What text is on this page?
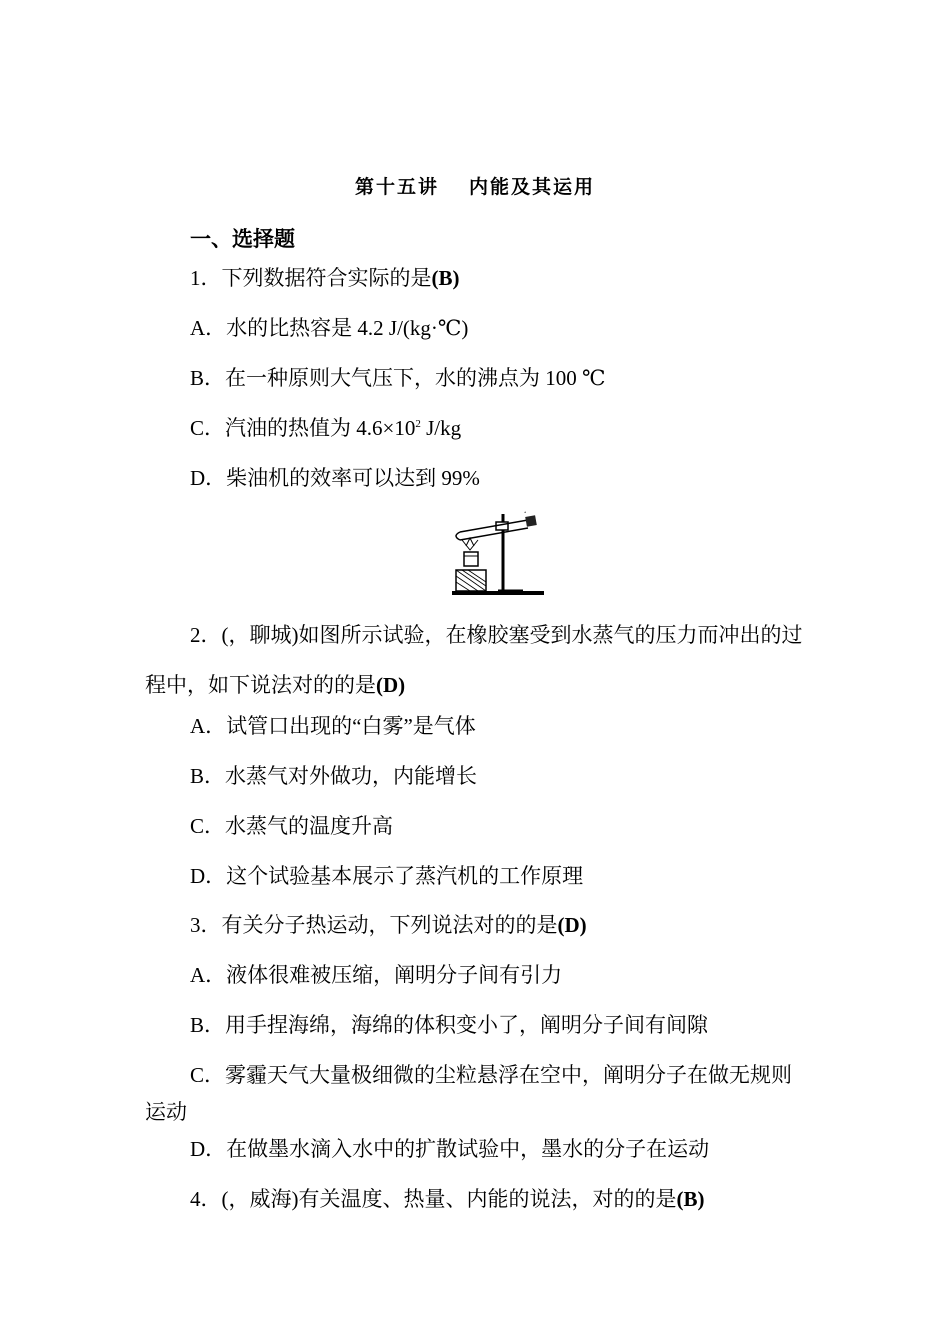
第十五讲 内能及其运用
一、选择题
1．下列数据符合实际的是(B)
A．水的比热容是 4.2 J/(kg·℃)
B．在一种原则大气压下，水的沸点为 100 ℃
C．汽油的热值为 $4.6\times 10^2$ J/kg
D．柴油机的效率可以达到 99%
∘
2．(，聊城)如图所示试验，在橡胶塞受到水蒸气的压力而冲出的过程中，如下说法对的的是(D)
A．试管口出现的“白雾”是气体
B．水蒸气对外做功，内能增长
C．水蒸气的温度升高
D．这个试验基本展示了蒸汽机的工作原理
3．有关分子热运动，下列说法对的的是(D)
A．液体很难被压缩，阐明分子间有引力
B．用手捏海绵，海绵的体积变小了，阐明分子间有间隙
C．雾霾天气大量极细微的尘粒悬浮在空中，阐明分子在做无规则运动
D．在做墨水滴入水中的扩散试验中，墨水的分子在运动
4．(，威海)有关温度、热量、内能的说法，对的的是(B)
